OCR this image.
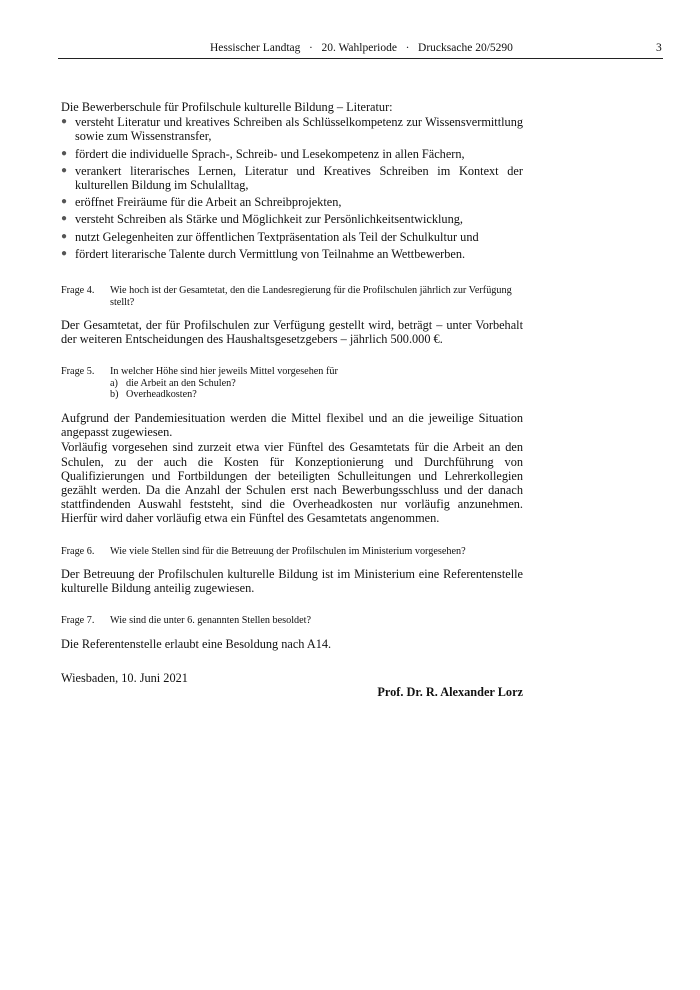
Hessischer Landtag   ·   20. Wahlperiode   ·   Drucksache 20/5290	3

Die Bewerberschule für Profilschule kulturelle Bildung – Literatur:

● versteht Literatur und kreatives Schreiben als Schlüsselkompetenz zur Wissensvermittlung sowie zum Wissenstransfer,
● fördert die individuelle Sprach-, Schreib- und Lesekompetenz in allen Fächern,
● verankert literarisches Lernen, Literatur und Kreatives Schreiben im Kontext der kulturellen Bildung im Schulalltag,
● eröffnet Freiräume für die Arbeit an Schreibprojekten,
● versteht Schreiben als Stärke und Möglichkeit zur Persönlichkeitsentwicklung,
● nutzt Gelegenheiten zur öffentlichen Textpräsentation als Teil der Schulkultur und
● fördert literarische Talente durch Vermittlung von Teilnahme an Wettbewerben.
Frage 4.	Wie hoch ist der Gesamtetat, den die Landesregierung für die Profilschulen jährlich zur Verfügung stellt?

Der Gesamtetat, der für Profilschulen zur Verfügung gestellt wird, beträgt – unter Vorbehalt der weiteren Entscheidungen des Haushaltsgesetzgebers – jährlich 500.000 €.

Frage 5.	In welcher Höhe sind hier jeweils Mittel vorgesehen für
a) die Arbeit an den Schulen?
b) Overheadkosten?

Aufgrund der Pandemiesituation werden die Mittel flexibel und an die jeweilige Situation angepasst zugewiesen.

Vorläufig vorgesehen sind zurzeit etwa vier Fünftel des Gesamtetats für die Arbeit an den Schulen, zu der auch die Kosten für Konzeptionierung und Durchführung von Qualifizierungen und Fortbildungen der beteiligten Schulleitungen und Lehrerkollegien gezählt werden. Da die Anzahl der Schulen erst nach Bewerbungsschluss und der danach stattfindenden Auswahl feststeht, sind die Overheadkosten nur vorläufig anzunehmen. Hierfür wird daher vorläufig etwa ein Fünftel des Gesamtetats angenommen.

Frage 6.	Wie viele Stellen sind für die Betreuung der Profilschulen im Ministerium vorgesehen?

Der Betreuung der Profilschulen kulturelle Bildung ist im Ministerium eine Referentenstelle kulturelle Bildung anteilig zugewiesen.

Frage 7.	Wie sind die unter 6. genannten Stellen besoldet?

Die Referentenstelle erlaubt eine Besoldung nach A14.

Wiesbaden, 10. Juni 2021
Prof. Dr. R. Alexander Lorz
